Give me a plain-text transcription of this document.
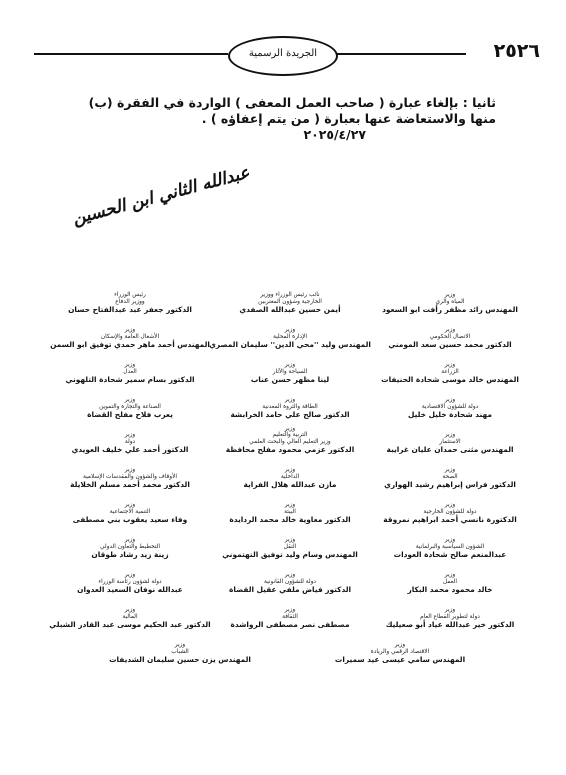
٢٥٢٦
الجريدة الرسمية
ثانيا : بإلغاء عبارة ( صاحب العمل المعفى ) الواردة في الفقرة (ب)
منها والاستعاضة عنها بعبارة ( من يتم إعفاؤه ) .
٢٠٢٥/٤/٢٧
عبدالله الثاني ابن الحسين
وزير
المياه والري
المهندس رائد مظفر رأفت ابو السعود
نائب رئيس الوزراء ووزير
الخارجية وشؤون المغتربين
أيمن حسين عبدالله الصفدي
رئيس الوزراء
ووزير الدفاع
الدكتور جعفر عبد عبدالفتاح حسان
وزير
الاتصال الحكومي
الدكتور محمد حسين سعد المومني
وزير
الإدارة المحلية
المهندس وليد ''محي الدين'' سليمان المصري
وزير
الأشغال العامة والإسكان
المهندس أحمد ماهر حمدي توفيق ابو السمن
وزير
الزراعة
المهندس خالد موسى شحادة الحنيفات
وزير
السياحة والآثار
لينا مظهر حسن عناب
وزير
العدل
الدكتور بسام سمير شحادة التلهوني
وزير
دولة للشؤون الاقتصادية
مهند شحادة خليل خليل
وزير
الطاقة والثروة المعدنية
الدكتور صالح علي حامد الخرابشة
وزير
الصناعة والتجارة والتموين
يعرب فلاح مفلح القضاة
وزير
الاستثمار
المهندس مثنى حمدان عليان غرايبة
وزير
التربية والتعليم
وزير التعليم العالي والبحث العلمي
الدكتور عزمي محمود مفلح محافظة
وزير
دولة
الدكتور أحمد علي خليف العويدي
وزير
الصحة
الدكتور فراس إبراهيم رشيد الهواري
وزير
الداخلية
مازن عبدالله هلال الفراية
وزير
الأوقاف والشؤون والمقدسات الإسلامية
الدكتور محمد أحمد مسلم الخلايلة
وزير
دولة للشؤون الخارجية
الدكتورة نانسي أحمد ابراهيم نمروقة
وزير
البيئة
الدكتور معاوية خالد محمد الردايدة
وزير
التنمية الاجتماعية
وفاء سعيد يعقوب بني مصطفى
وزير
الشؤون السياسية والبرلمانية
عبدالمنعم صالح شحادة العودات
وزير
النقل
المهندس وسام وليد توفيق التهتموني
وزير
التخطيط والتعاون الدولي
زينة زيد رشاد طوقان
وزير
العمل
خالد محمود محمد البكار
وزير
دولة للشؤون القانونية
الدكتور فياض ملفي عقيل القضاة
وزير
دولة لشؤون رئاسة الوزراء
عبدالله نوفان السعيد العدوان
وزير
دولة لتطوير القطاع العام
الدكتور خير عبدالله عياد أبو صعيليك
وزير
الثقافة
مصطفى نصر مصطفى الرواشدة
وزير
المالية
الدكتور عبد الحكيم موسى عبد القادر الشبلي
وزير
الاقتصاد الرقمي والريادة
المهندس سامي عيسى عيد سميرات
وزير
الشباب
المهندس يزن حسين سليمان الشديفات
